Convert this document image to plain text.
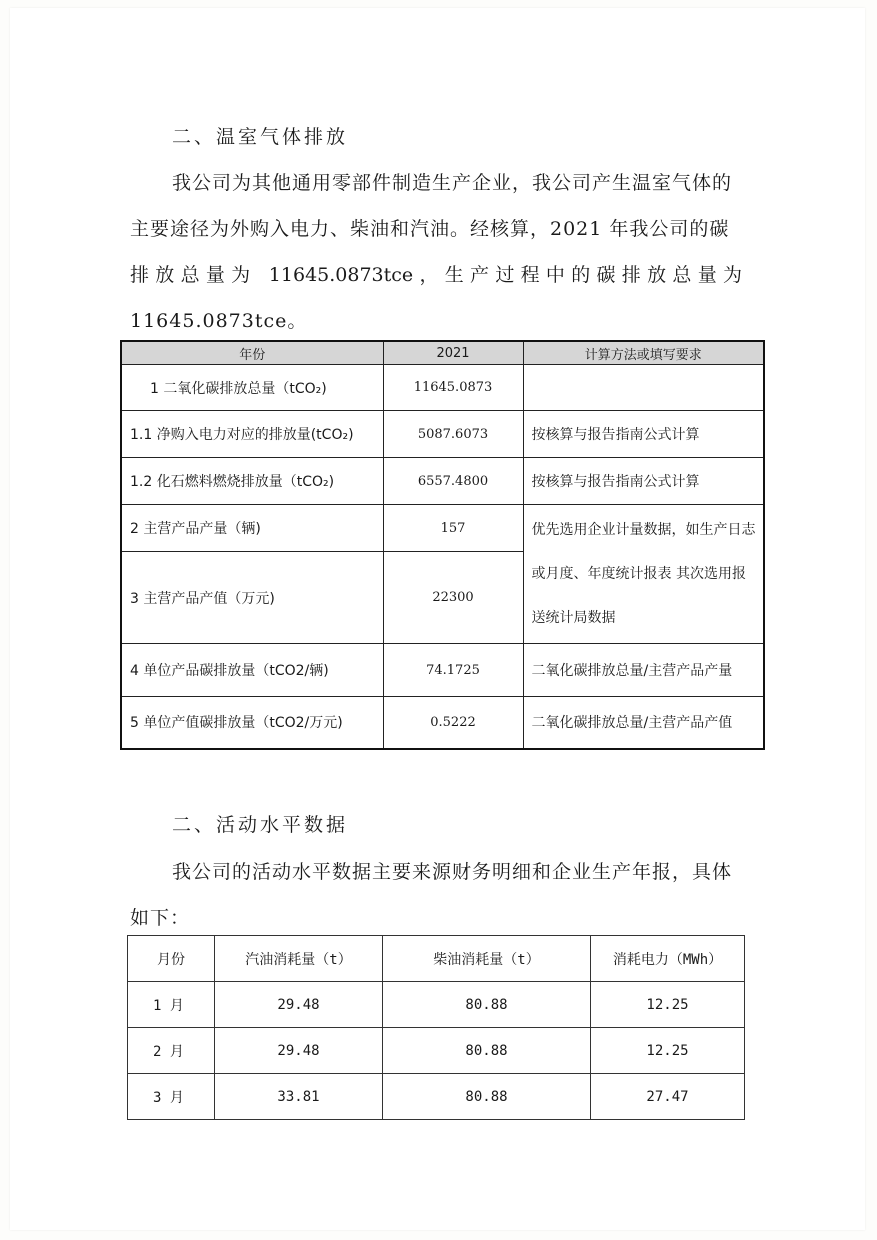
二、温室气体排放
我公司为其他通用零部件制造生产企业，我公司产生温室气体的
主要途径为外购入电力、柴油和汽油。经核算，2021 年我公司的碳
排放总量为 11645.0873tce，生产过程中的碳排放总量为
11645.0873tce。
年份	2021	计算方法或填写要求
1 二氧化碳排放总量（tCO₂)	11645.0873	
1.1 净购入电力对应的排放量(tCO₂)	5087.6073	按核算与报告指南公式计算
1.2 化石燃料燃烧排放量（tCO₂)	6557.4800	按核算与报告指南公式计算
2 主营产品产量（辆)	157	优先选用企业计量数据，如生产日志或月度、年度统计报表 其次选用报送统计局数据
3 主营产品产值（万元)	22300	
4 单位产品碳排放量（tCO2/辆)	74.1725	二氧化碳排放总量/主营产品产量
5 单位产值碳排放量（tCO2/万元)	0.5222	二氧化碳排放总量/主营产品产值
二、活动水平数据
我公司的活动水平数据主要来源财务明细和企业生产年报，具体
如下：
月份	汽油消耗量（t）	柴油消耗量（t）	消耗电力（MWh）
1 月	29.48	80.88	12.25
2 月	29.48	80.88	12.25
3 月	33.81	80.88	27.47
